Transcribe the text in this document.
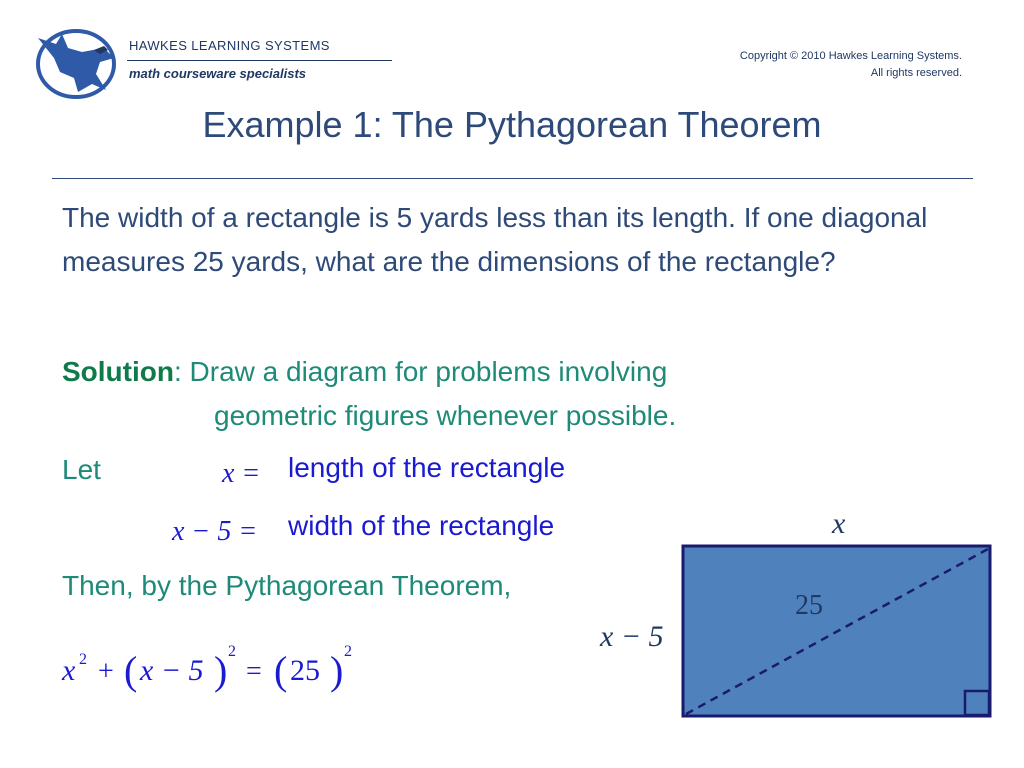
HAWKES LEARNING SYSTEMS
math courseware specialists
Copyright © 2010 Hawkes Learning Systems.
All rights reserved.
Example 1: The Pythagorean Theorem
The width of a rectangle is 5 yards less than its length. If one diagonal measures 25 yards, what are the dimensions of the rectangle?
Solution: Draw a diagram for problems involving
geometric figures whenever possible.
Let	length of the rectangle
width of the rectangle
Then, by the Pythagorean Theorem,
x =
x − 5 =
x 2 + ( x − 5 ) 2
= ( 25 ) 2
x
x − 5
25
